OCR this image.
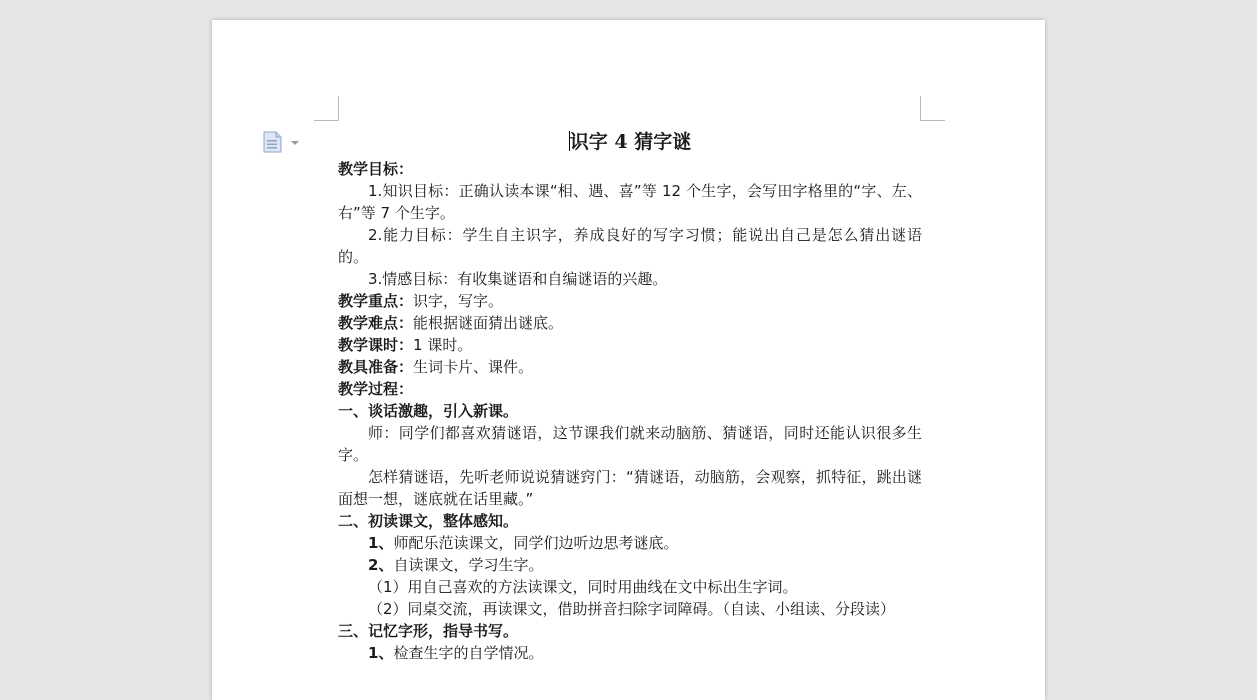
识字 4 猜字谜

教学目标：

1.知识目标：正确认读本课“相、遇、喜”等 12 个生字，会写田字格里的“字、左、右”等 7 个生字。

2.能力目标：学生自主识字，养成良好的写字习惯；能说出自己是怎么猜出谜语的。

3.情感目标：有收集谜语和自编谜语的兴趣。

教学重点：识字，写字。

教学难点：能根据谜面猜出谜底。

教学课时：1 课时。

教具准备：生词卡片、课件。

教学过程：

一、谈话激趣，引入新课。

师：同学们都喜欢猜谜语，这节课我们就来动脑筋、猜谜语，同时还能认识很多生字。

怎样猜谜语，先听老师说说猜谜窍门：“猜谜语，动脑筋，会观察，抓特征，跳出谜面想一想，谜底就在话里藏。”

二、初读课文，整体感知。

1、师配乐范读课文，同学们边听边思考谜底。

2、自读课文，学习生字。

（1）用自己喜欢的方法读课文，同时用曲线在文中标出生字词。

（2）同桌交流，再读课文，借助拼音扫除字词障碍。（自读、小组读、分段读）

三、记忆字形，指导书写。

1、检查生字的自学情况。
